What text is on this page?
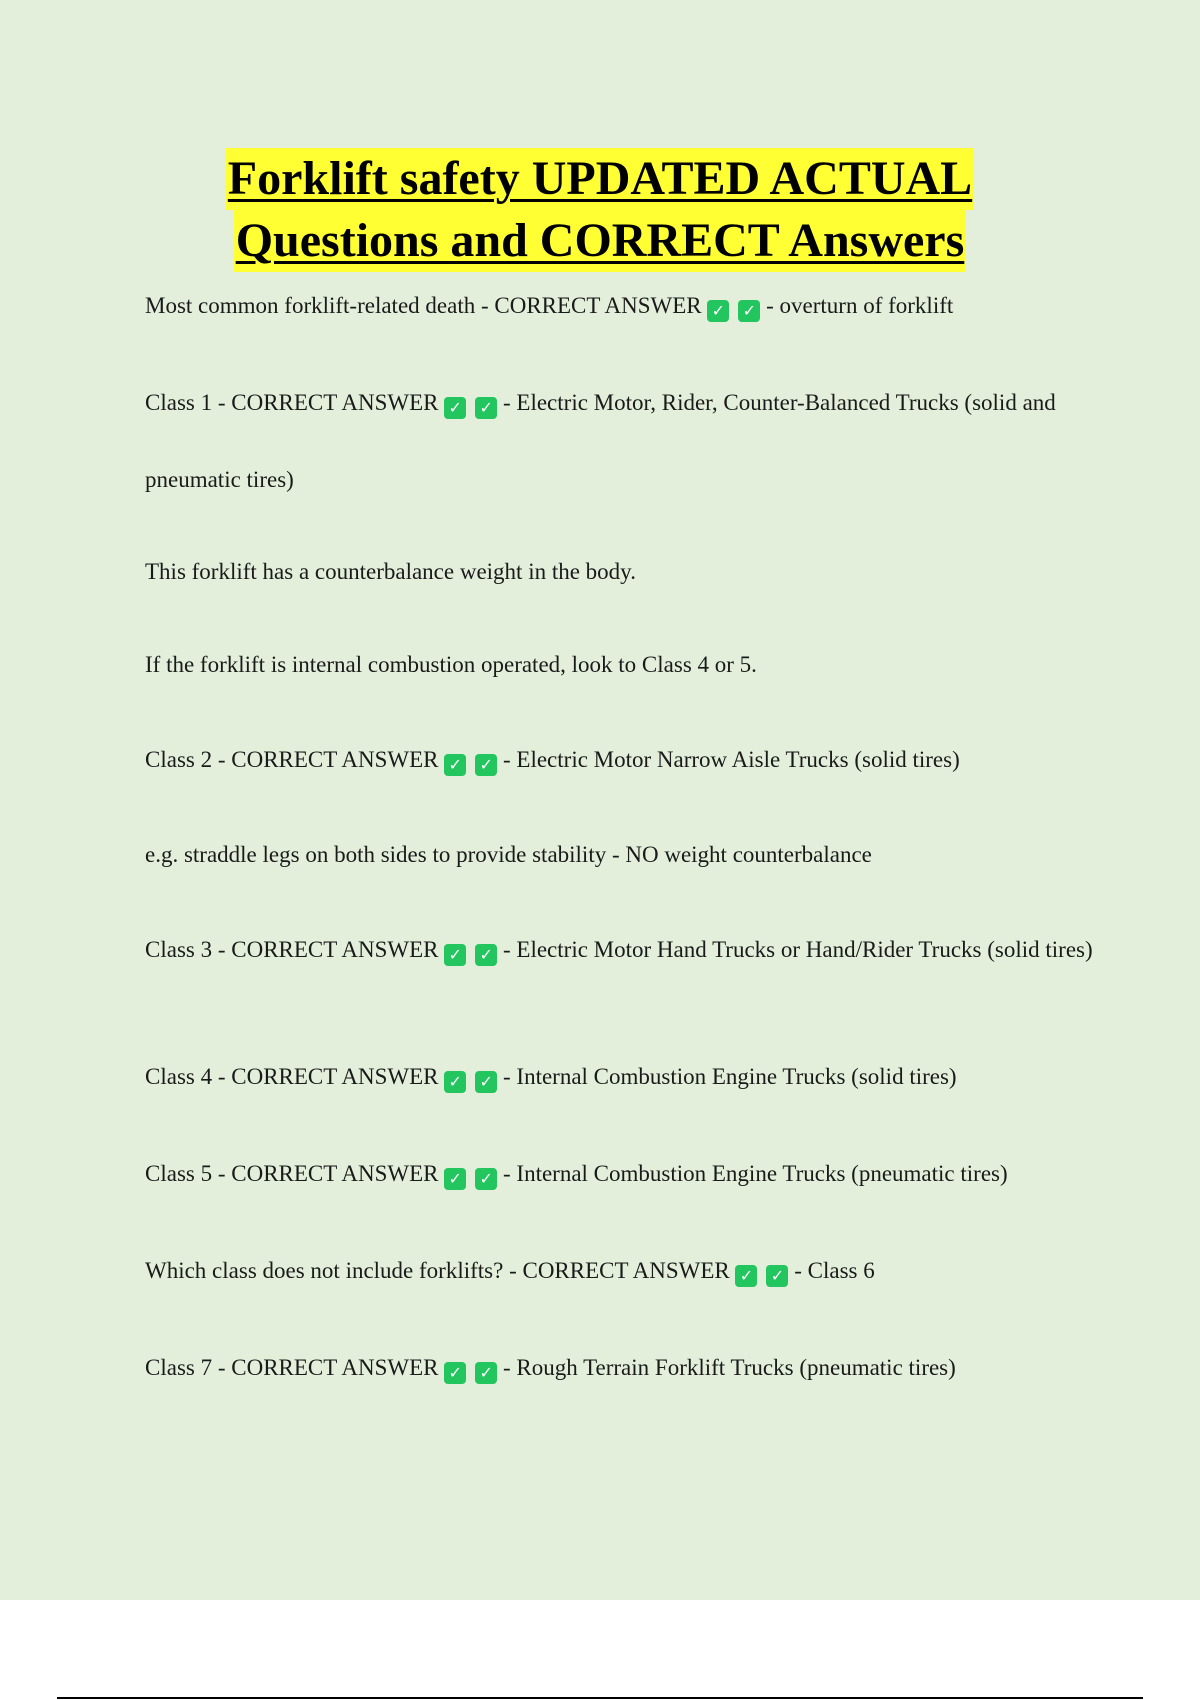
Forklift safety UPDATED ACTUAL
Questions and CORRECT Answers

Most common forklift-related death - CORRECT ANSWER ✓ ✓ - overturn of forklift

Class 1 - CORRECT ANSWER ✓ ✓ - Electric Motor, Rider, Counter-Balanced Trucks (solid and

pneumatic tires)

This forklift has a counterbalance weight in the body.

If the forklift is internal combustion operated, look to Class 4 or 5.

Class 2 - CORRECT ANSWER ✓ ✓ - Electric Motor Narrow Aisle Trucks (solid tires)

e.g. straddle legs on both sides to provide stability - NO weight counterbalance

Class 3 - CORRECT ANSWER ✓ ✓ - Electric Motor Hand Trucks or Hand/Rider Trucks (solid tires)

Class 4 - CORRECT ANSWER ✓ ✓ - Internal Combustion Engine Trucks (solid tires)

Class 5 - CORRECT ANSWER ✓ ✓ - Internal Combustion Engine Trucks (pneumatic tires)

Which class does not include forklifts? - CORRECT ANSWER ✓ ✓ - Class 6

Class 7 - CORRECT ANSWER ✓ ✓ - Rough Terrain Forklift Trucks (pneumatic tires)
